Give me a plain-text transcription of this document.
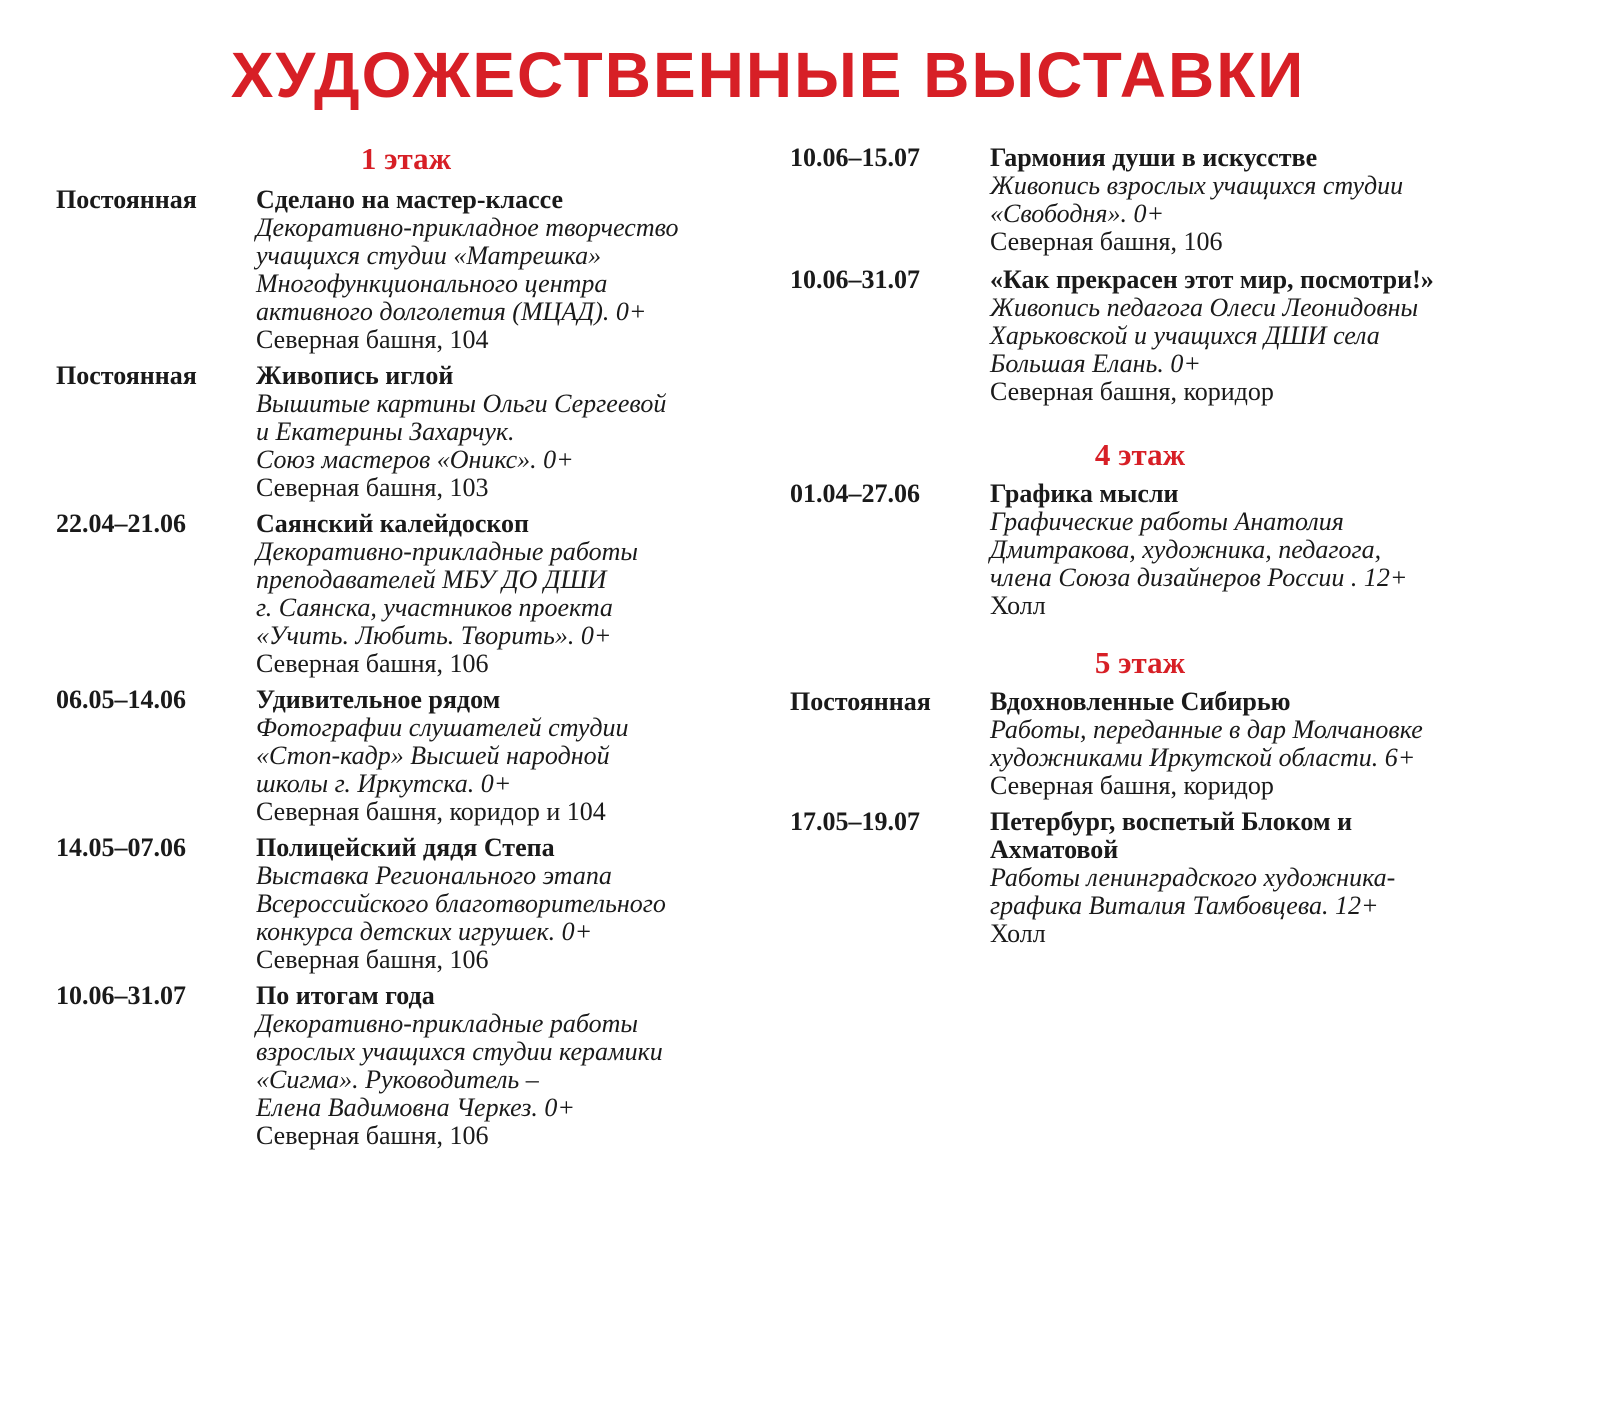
ХУДОЖЕСТВЕННЫЕ ВЫСТАВКИ
1 этаж
Постоянная	Сделано на мастер-классе
Декоративно-прикладное творчество
учащихся студии «Матрешка»
Многофункционального центра
активного долголетия (МЦАД). 0+
Северная башня, 104
Постоянная	Живопись иглой
Вышитые картины Ольги Сергеевой
и Екатерины Захарчук.
Союз мастеров «Оникс». 0+
Северная башня, 103
22.04–21.06	Саянский калейдоскоп
Декоративно-прикладные работы
преподавателей МБУ ДО ДШИ
г. Саянска, участников проекта
«Учить. Любить. Творить». 0+
Северная башня, 106
06.05–14.06	Удивительное рядом
Фотографии слушателей студии
«Стоп-кадр» Высшей народной
школы г. Иркутска. 0+
Северная башня, коридор и 104
14.05–07.06	Полицейский дядя Степа
Выставка Регионального этапа
Всероссийского благотворительного
конкурса детских игрушек. 0+
Северная башня, 106
10.06–31.07	По итогам года
Декоративно-прикладные работы
взрослых учащихся студии керамики
«Сигма». Руководитель –
Елена Вадимовна Черкез. 0+
Северная башня, 106
10.06–15.07	Гармония души в искусстве
Живопись взрослых учащихся студии
«Свободня». 0+
Северная башня, 106
10.06–31.07	«Как прекрасен этот мир, посмотри!»
Живопись педагога Олеси Леонидовны
Харьковской и учащихся ДШИ села
Большая Елань. 0+
Северная башня, коридор
4 этаж
01.04–27.06	Графика мысли
Графические работы Анатолия
Дмитракова, художника, педагога,
члена Союза дизайнеров России . 12+
Холл
5 этаж
Постоянная	Вдохновленные Сибирью
Работы, переданные в дар Молчановке
художниками Иркутской области. 6+
Северная башня, коридор
17.05–19.07	Петербург, воспетый Блоком и
Ахматовой
Работы ленинградского художника-
графика Виталия Тамбовцева. 12+
Холл
